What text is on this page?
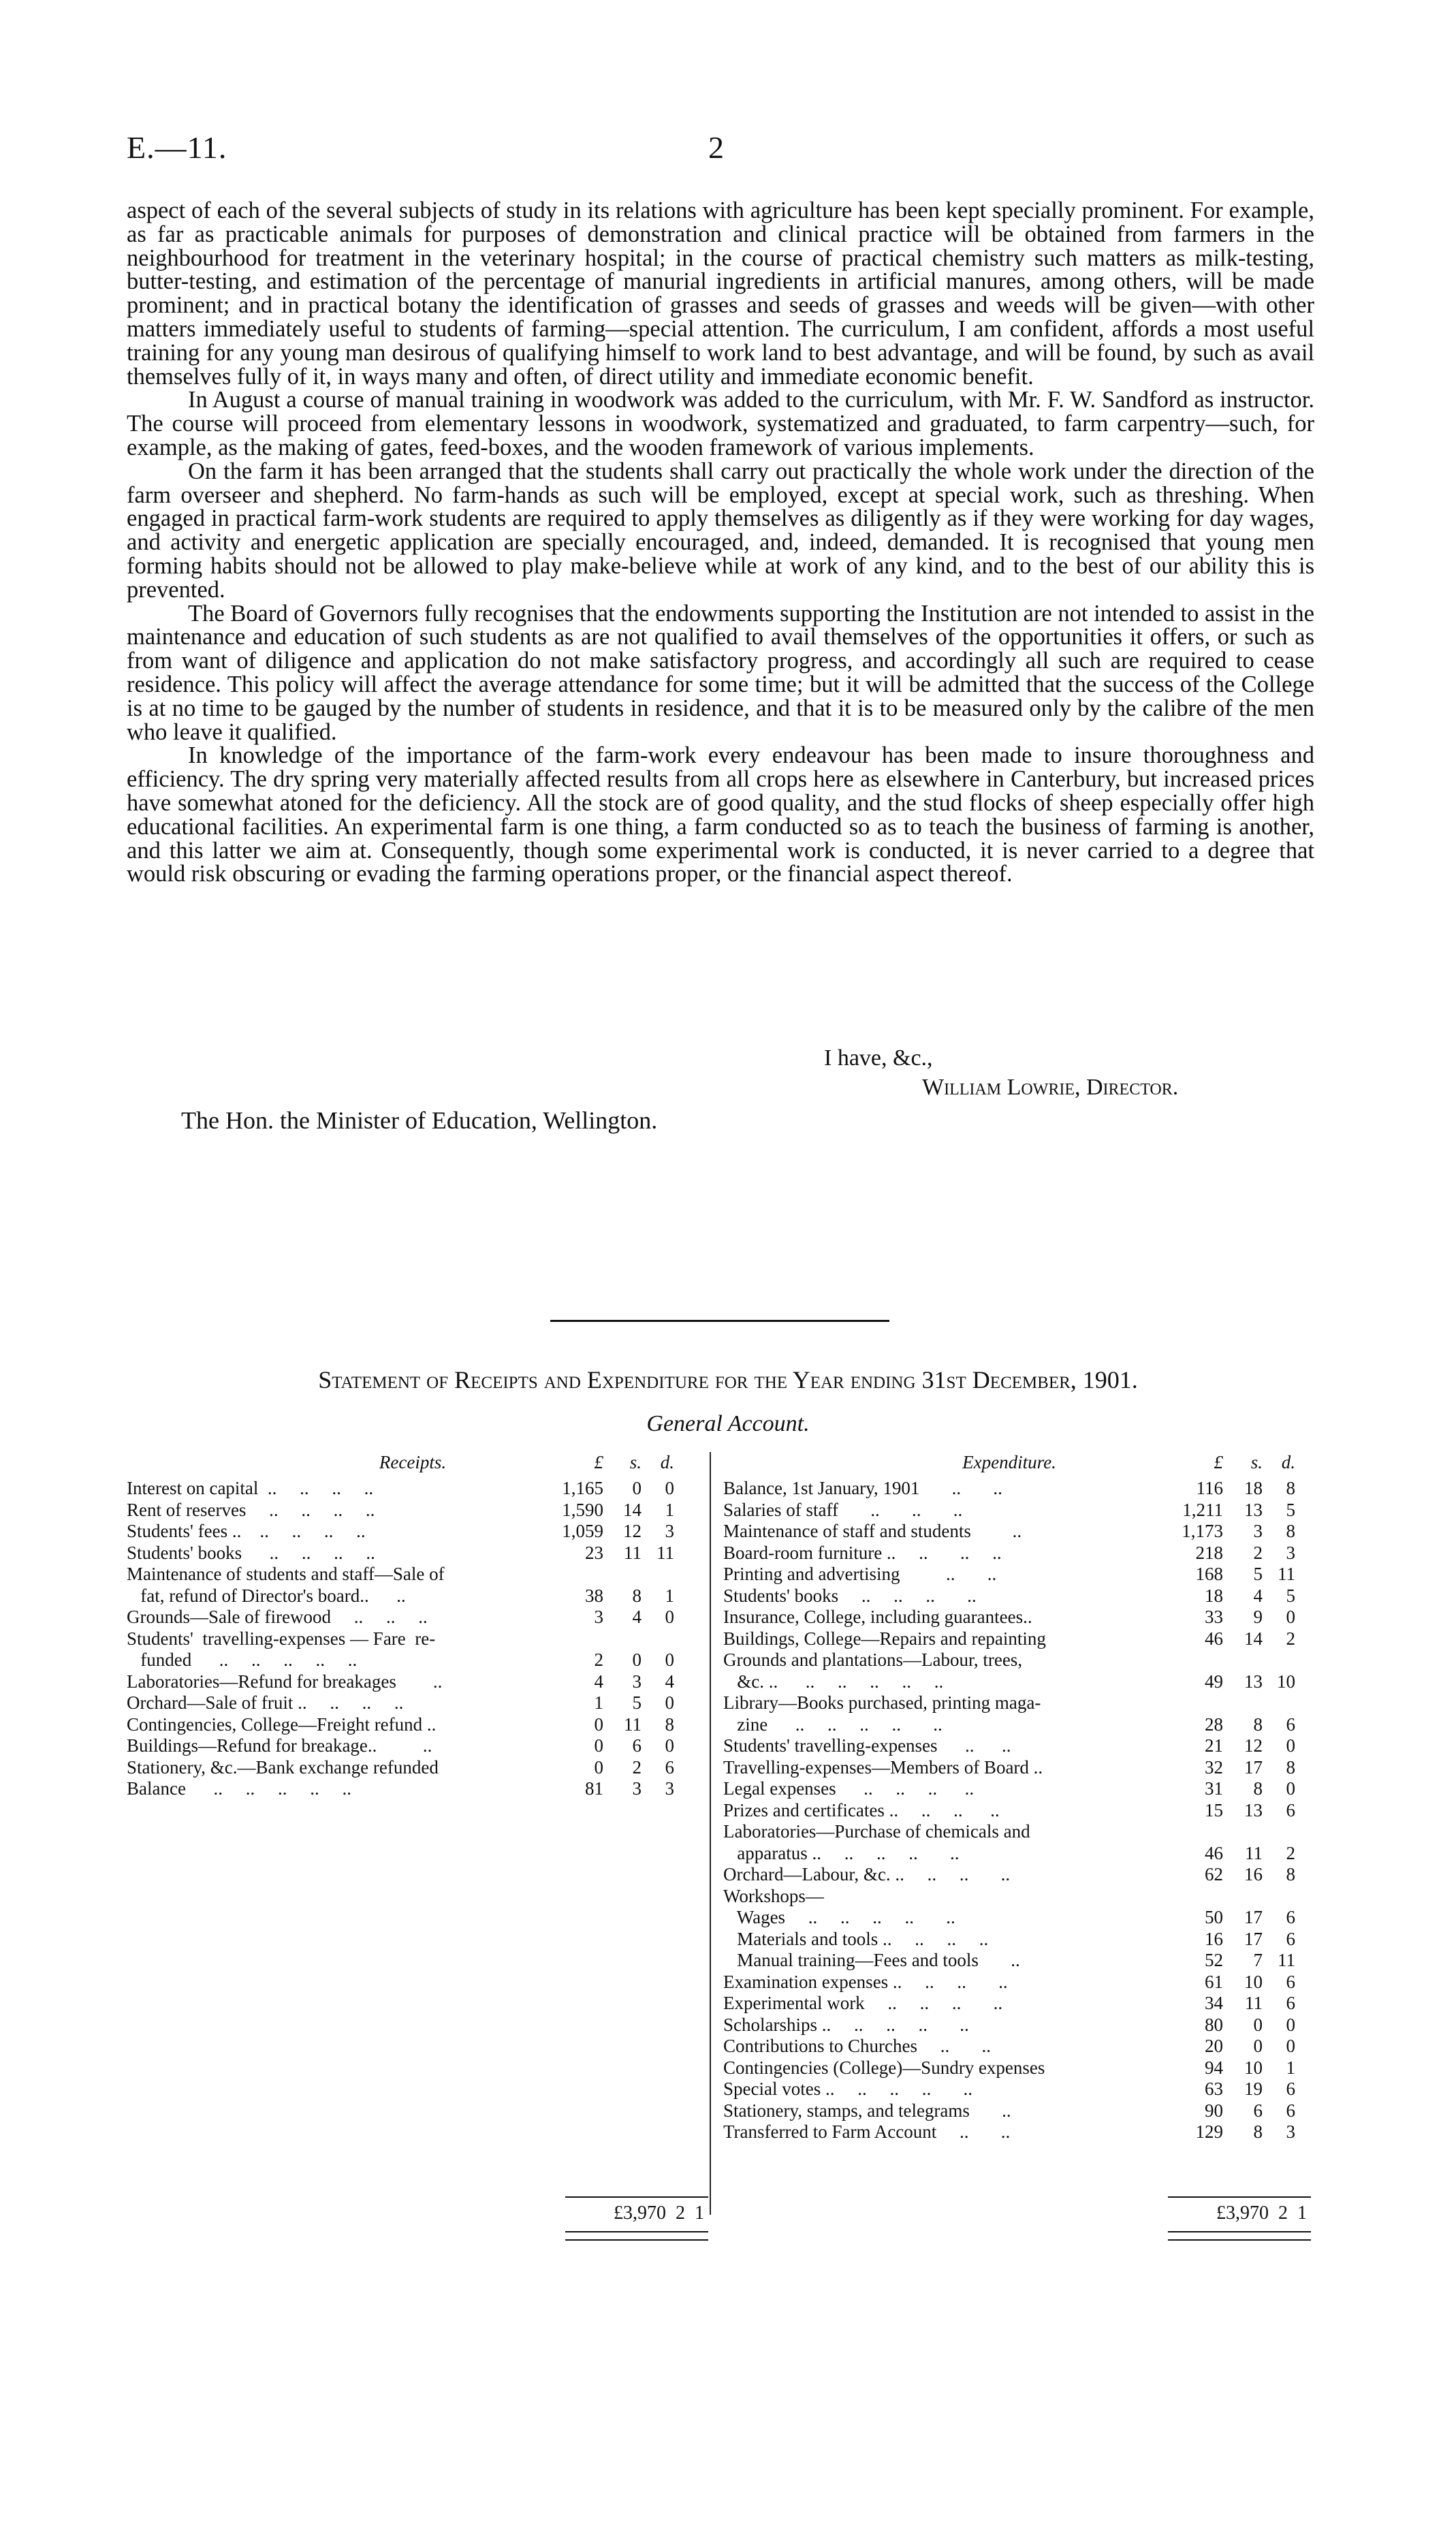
E.—11.	2

aspect of each of the several subjects of study in its relations with agriculture has been kept specially prominent. For example, as far as practicable animals for purposes of demonstration and clinical practice will be obtained from farmers in the neighbourhood for treatment in the veterinary hospital; in the course of practical chemistry such matters as milk-testing, butter-testing, and estimation of the percentage of manurial ingredients in artificial manures, among others, will be made prominent; and in practical botany the identification of grasses and seeds of grasses and weeds will be given—with other matters immediately useful to students of farming—special attention. The curriculum, I am confident, affords a most useful training for any young man desirous of qualifying himself to work land to best advantage, and will be found, by such as avail themselves fully of it, in ways many and often, of direct utility and immediate economic benefit.

In August a course of manual training in woodwork was added to the curriculum, with Mr. F. W. Sandford as instructor. The course will proceed from elementary lessons in woodwork, systematized and graduated, to farm carpentry—such, for example, as the making of gates, feed-boxes, and the wooden framework of various implements.

On the farm it has been arranged that the students shall carry out practically the whole work under the direction of the farm overseer and shepherd. No farm-hands as such will be employed, except at special work, such as threshing. When engaged in practical farm-work students are required to apply themselves as diligently as if they were working for day wages, and activity and energetic application are specially encouraged, and, indeed, demanded. It is recognised that young men forming habits should not be allowed to play make-believe while at work of any kind, and to the best of our ability this is prevented.

The Board of Governors fully recognises that the endowments supporting the Institution are not intended to assist in the maintenance and education of such students as are not qualified to avail themselves of the opportunities it offers, or such as from want of diligence and application do not make satisfactory progress, and accordingly all such are required to cease residence. This policy will affect the average attendance for some time; but it will be admitted that the success of the College is at no time to be gauged by the number of students in residence, and that it is to be measured only by the calibre of the men who leave it qualified.

In knowledge of the importance of the farm-work every endeavour has been made to insure thoroughness and efficiency. The dry spring very materially affected results from all crops here as elsewhere in Canterbury, but increased prices have somewhat atoned for the deficiency. All the stock are of good quality, and the stud flocks of sheep especially offer high educational facilities. An experimental farm is one thing, a farm conducted so as to teach the business of farming is another, and this latter we aim at. Consequently, though some experimental work is conducted, it is never carried to a degree that would risk obscuring or evading the farming operations proper, or the financial aspect thereof.

I have, &c.,
William Lowrie, Director.
The Hon. the Minister of Education, Wellington.
Statement of Receipts and Expenditure for the Year ending 31st December, 1901.
General Account.
Receipts.	£	s.	d.
Interest on capital  ..     ..     ..     ..	1,165	0	0
Rent of reserves     ..     ..     ..     ..	1,590	14	1
Students' fees ..    ..     ..     ..     ..	1,059	12	3
Students' books      ..     ..     ..     ..	23	11 11
Maintenance of students and staff—Sale of
fat, refund of Director's board..      ..	38	8	1
Grounds—Sale of firewood     ..     ..     ..	3	4	0
Students'  travelling-expenses — Fare  re-
funded      ..     ..     ..     ..     ..	2	0	0
Laboratories—Refund for breakages        ..	4	3	4
Orchard—Sale of fruit ..     ..     ..     ..	1	5	0
Contingencies, College—Freight refund ..	0	11	8
Buildings—Refund for breakage..          ..	0	6	0
Stationery, &c.—Bank exchange refunded	0	2	6
Balance      ..     ..     ..     ..     ..	81	3	3
Expenditure.	£	s.	d.
Balance, 1st January, 1901       ..       ..	116	18	8
Salaries of staff       ..       ..       ..	1,211	13	5
Maintenance of staff and students         ..	1,173	3	8
Board-room furniture ..     ..       ..     ..	218	2	3
Printing and advertising          ..       ..	168	5 11
Students' books     ..     ..     ..       ..	18	4	5
Insurance, College, including guarantees..	33	9	0
Buildings, College—Repairs and repainting	46	14	2
Grounds and plantations—Labour, trees,
&c. ..      ..     ..     ..     ..     ..	49	13 10
Library—Books purchased, printing maga-
zine      ..     ..     ..     ..       ..	28	8	6
Students' travelling-expenses      ..      ..	21	12	0
Travelling-expenses—Members of Board ..	32	17	8
Legal expenses      ..     ..     ..      ..	31	8	0
Prizes and certificates ..     ..     ..      ..	15	13	6
Laboratories—Purchase of chemicals and
apparatus ..     ..     ..     ..       ..	46	11	2
Orchard—Labour, &c. ..     ..     ..       ..	62	16	8
Workshops—
Wages     ..     ..     ..     ..       ..	50	17	6
Materials and tools ..     ..     ..     ..	16	17	6
Manual training—Fees and tools       ..	52	7 11
Examination expenses ..     ..     ..       ..	61	10	6
Experimental work     ..     ..     ..       ..	34	11	6
Scholarships ..     ..     ..     ..       ..	80	0	0
Contributions to Churches     ..       ..	20	0	0
Contingencies (College)—Sundry expenses	94	10	1
Special votes ..     ..     ..     ..       ..	63	19	6
Stationery, stamps, and telegrams       ..	90	6	6
Transferred to Farm Account     ..       ..	129	8	3
£3,970  2  1	£3,970  2  1
